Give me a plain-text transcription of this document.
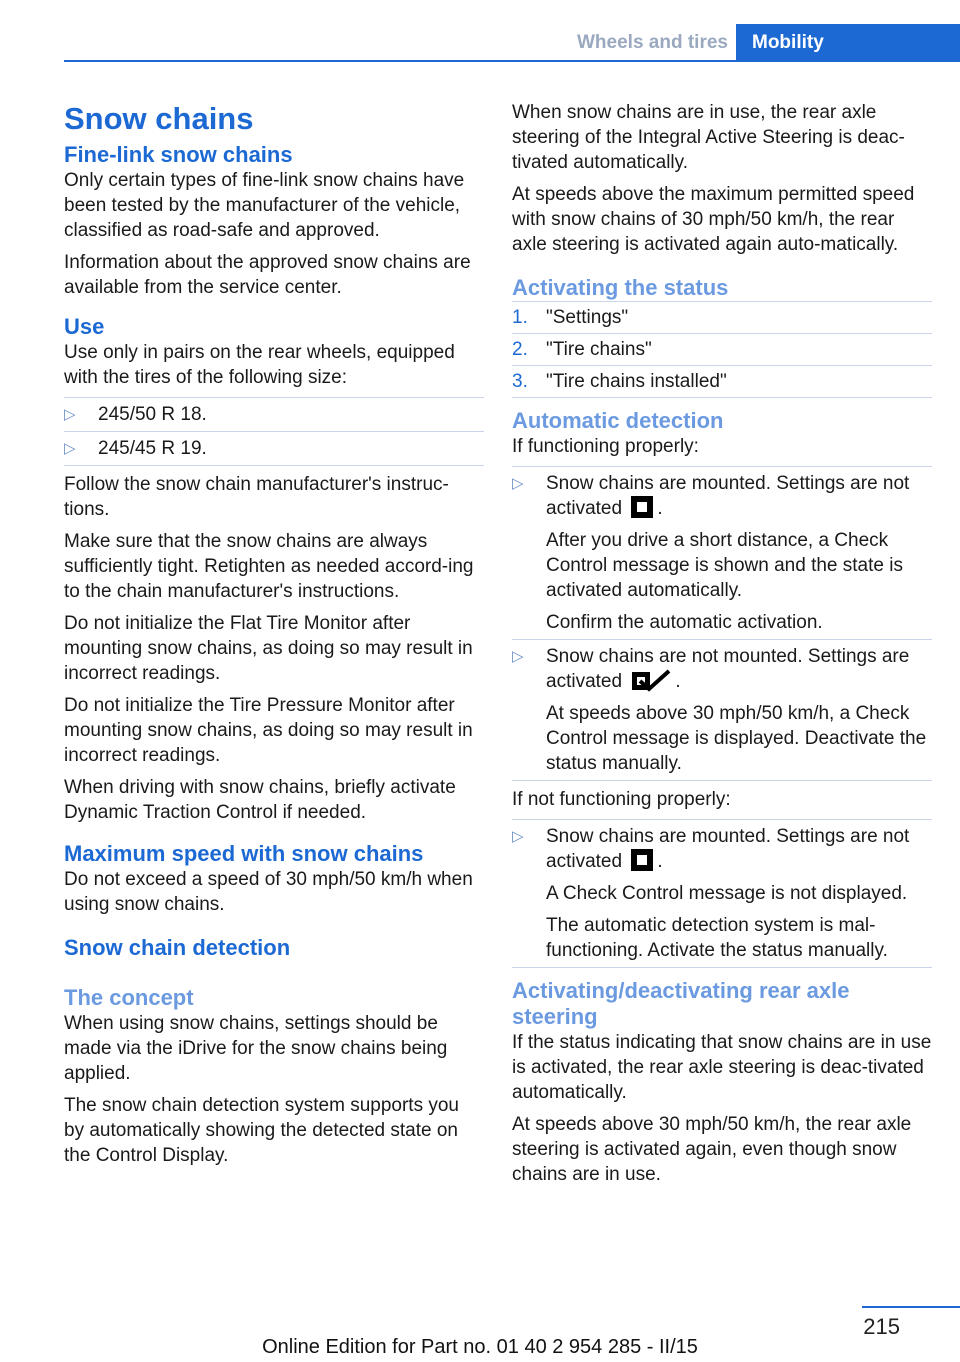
Wheels and tires	Mobility
Snow chains
Fine-link snow chains

Only certain types of fine-link snow chains have been tested by the manufacturer of the vehicle, classified as road-safe and approved.

Information about the approved snow chains are available from the service center.

Use

Use only in pairs on the rear wheels, equipped with the tires of the following size:

▷ 245/50 R 18.
▷ 245/45 R 19.

Follow the snow chain manufacturer's instruc-tions.

Make sure that the snow chains are always sufficiently tight. Retighten as needed accord-ing to the chain manufacturer's instructions.

Do not initialize the Flat Tire Monitor after mounting snow chains, as doing so may result in incorrect readings.

Do not initialize the Tire Pressure Monitor after mounting snow chains, as doing so may result in incorrect readings.

When driving with snow chains, briefly activate Dynamic Traction Control if needed.

Maximum speed with snow chains

Do not exceed a speed of 30 mph/50 km/h when using snow chains.

Snow chain detection
The concept

When using snow chains, settings should be made via the iDrive for the snow chains being applied.

The snow chain detection system supports you by automatically showing the detected state on the Control Display.

When snow chains are in use, the rear axle steering of the Integral Active Steering is deac-tivated automatically.

At speeds above the maximum permitted speed with snow chains of 30 mph/50 km/h, the rear axle steering is activated again auto-matically.

Activating the status
1. "Settings"
2. "Tire chains"
3. "Tire chains installed"
Automatic detection

If functioning properly:

▷ Snow chains are mounted. Settings are not activated .

After you drive a short distance, a Check Control message is shown and the state is activated automatically.

Confirm the automatic activation.

▷ Snow chains are not mounted. Settings are activated	.

At speeds above 30 mph/50 km/h, a Check Control message is displayed. Deactivate the status manually.

If not functioning properly:

▷ Snow chains are mounted. Settings are not activated .

A Check Control message is not displayed.

The automatic detection system is mal-functioning. Activate the status manually.

Activating/deactivating rear axle steering

If the status indicating that snow chains are in use is activated, the rear axle steering is deac-tivated automatically.

At speeds above 30 mph/50 km/h, the rear axle steering is activated again, even though snow chains are in use.

215
Online Edition for Part no. 01 40 2 954 285 - II/15
